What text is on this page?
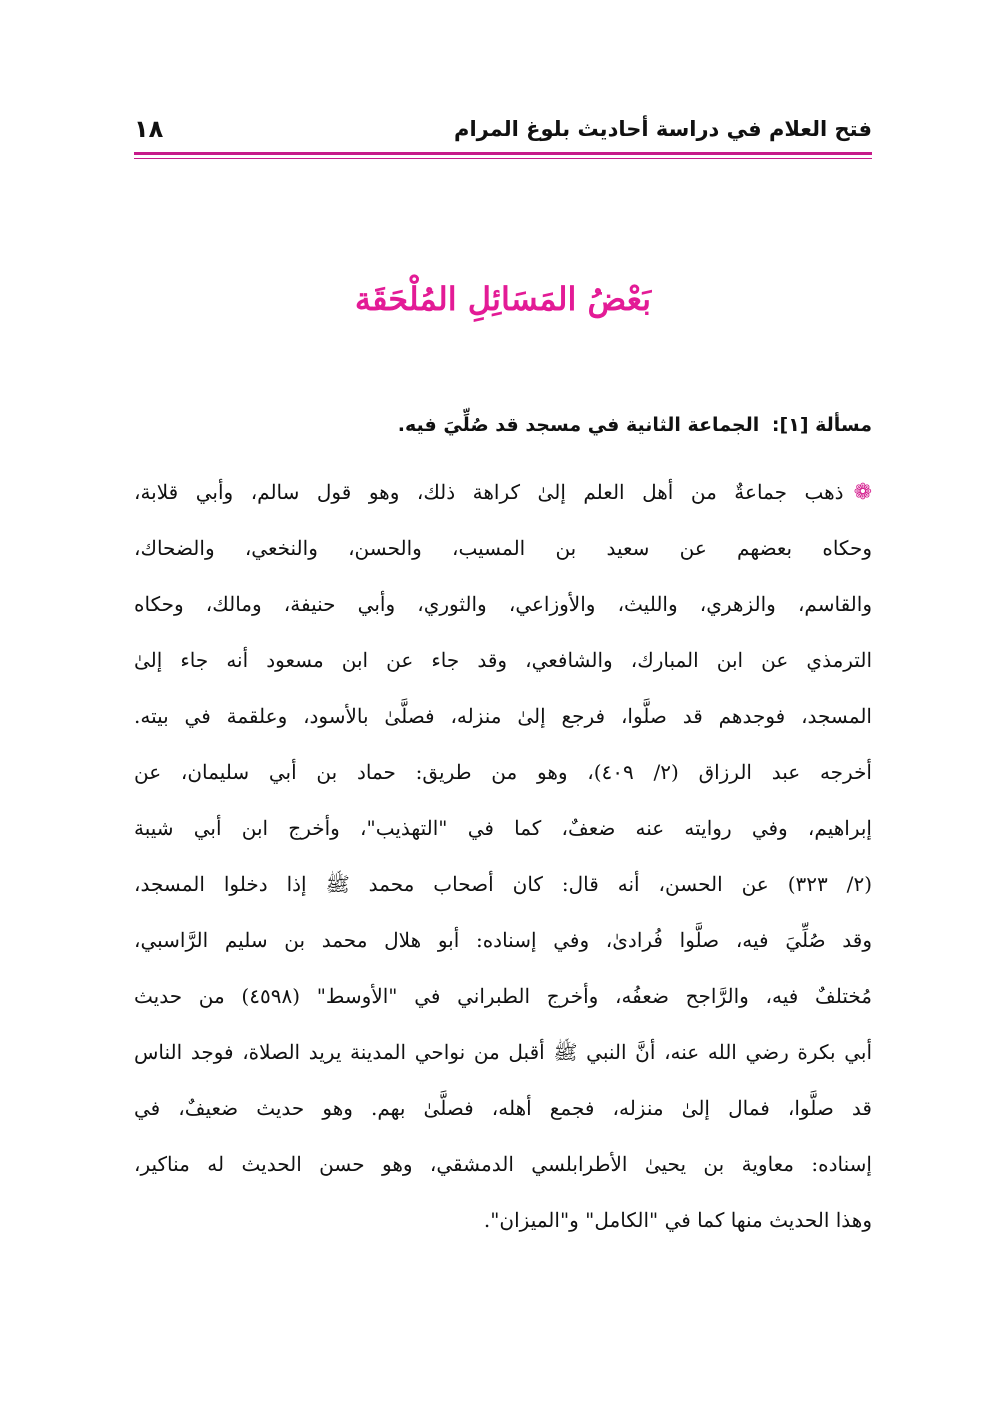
فتح العلام في دراسة أحاديث بلوغ المرام
١٨
بَعْضُ المَسَائِلِ المُلْحَقَة
مسألة [١]: الجماعة الثانية في مسجد قد صُلِّيَ فيه.
❁ذهب جماعةٌ من أهل العلم إلىٰ كراهة ذلك، وهو قول سالم، وأبي قلابة،
وحكاه بعضهم عن سعيد بن المسيب، والحسن، والنخعي، والضحاك،
والقاسم، والزهري، والليث، والأوزاعي، والثوري، وأبي حنيفة، ومالك، وحكاه
الترمذي عن ابن المبارك، والشافعي، وقد جاء عن ابن مسعود أنه جاء إلىٰ
المسجد، فوجدهم قد صلَّوا، فرجع إلىٰ منزله، فصلَّىٰ بالأسود، وعلقمة في بيته.
أخرجه عبد الرزاق (٢/ ٤٠٩)، وهو من طريق: حماد بن أبي سليمان، عن
إبراهيم، وفي روايته عنه ضعفٌ، كما في "التهذيب"، وأخرج ابن أبي شيبة
(٢/ ٣٢٣) عن الحسن، أنه قال: كان أصحاب محمد ﷺ إذا دخلوا المسجد،
وقد صُلِّيَ فيه، صلَّوا فُرادىٰ، وفي إسناده: أبو هلال محمد بن سليم الرَّاسبي،
مُختلفٌ فيه، والرَّاجح ضعفُه، وأخرج الطبراني في "الأوسط" (٤٥٩٨) من حديث
أبي بكرة رضي الله عنه، أنَّ النبي ﷺ أقبل من نواحي المدينة يريد الصلاة، فوجد الناس
قد صلَّوا، فمال إلىٰ منزله، فجمع أهله، فصلَّىٰ بهم. وهو حديث ضعيفٌ، في
إسناده: معاوية بن يحيىٰ الأطرابلسي الدمشقي، وهو حسن الحديث له مناكير،
وهذا الحديث منها كما في "الكامل" و"الميزان".
